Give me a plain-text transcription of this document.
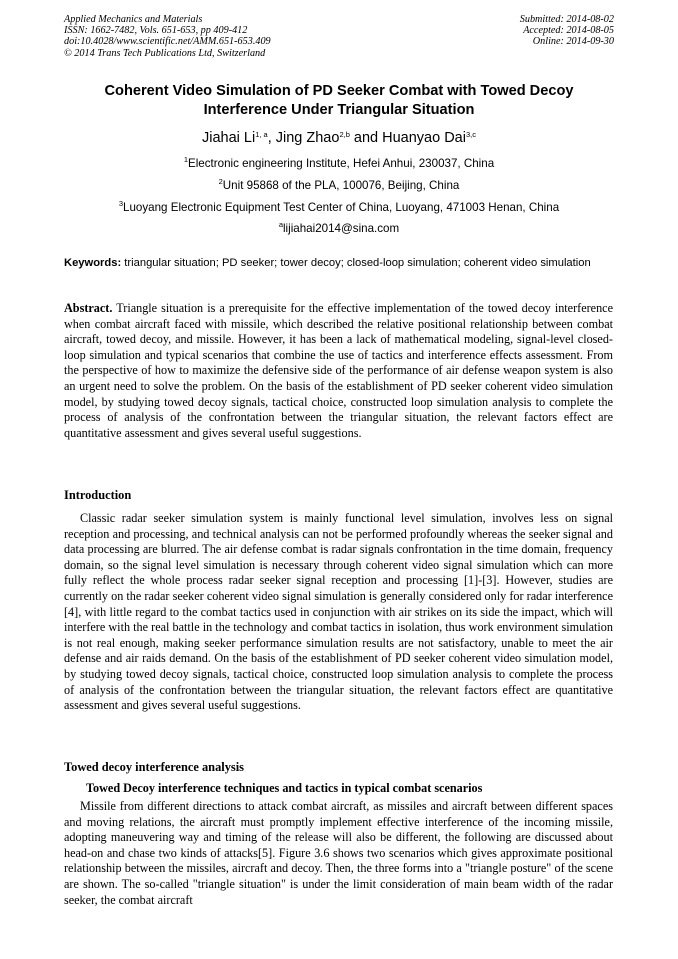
Applied Mechanics and Materials
ISSN: 1662-7482, Vols. 651-653, pp 409-412
doi:10.4028/www.scientific.net/AMM.651-653.409
© 2014 Trans Tech Publications Ltd, Switzerland
Submitted: 2014-08-02
Accepted: 2014-08-05
Online: 2014-09-30
Coherent Video Simulation of PD Seeker Combat with Towed Decoy
Interference Under Triangular Situation
Jiahai Li$^{1, a}$, Jing Zhao$^{2,b}$ and Huanyao Dai$^{3,c}$
$^1$Electronic engineering Institute, Hefei Anhui, 230037, China
$^2$Unit 95868 of the PLA, 100076, Beijing, China
$^3$Luoyang Electronic Equipment Test Center of China, Luoyang, 471003 Henan, China
$^a$lijiahai2014@sina.com
Keywords: triangular situation; PD seeker; tower decoy; closed-loop simulation; coherent video simulation
Abstract. Triangle situation is a prerequisite for the effective implementation of the towed decoy interference when combat aircraft faced with missile, which described the relative positional relationship between combat aircraft, towed decoy, and missile. However, it has been a lack of mathematical modeling, signal-level closed-loop simulation and typical scenarios that combine the use of tactics and interference effects assessment. From the perspective of how to maximize the defensive side of the performance of air defense weapon system is also an urgent need to solve the problem. On the basis of the establishment of PD seeker coherent video simulation model, by studying towed decoy signals, tactical choice, constructed loop simulation analysis to complete the process of analysis of the confrontation between the triangular situation, the relevant factors effect are quantitative assessment and gives several useful suggestions.
Introduction
Classic radar seeker simulation system is mainly functional level simulation, involves less on signal reception and processing, and technical analysis can not be performed profoundly whereas the seeker signal and data processing are blurred. The air defense combat is radar signals confrontation in the time domain, frequency domain, so the signal level simulation is necessary through coherent video signal simulation which can more fully reflect the whole process radar seeker signal reception and processing [1]-[3]. However, studies are currently on the radar seeker coherent video signal simulation is generally considered only for radar interference [4], with little regard to the combat tactics used in conjunction with air strikes on its side the impact, which will interfere with the real battle in the technology and combat tactics in isolation, thus work environment simulation is not real enough, making seeker performance simulation results are not satisfactory, unable to meet the air defense and air raids demand. On the basis of the establishment of PD seeker coherent video simulation model, by studying towed decoy signals, tactical choice, constructed loop simulation analysis to complete the process of analysis of the confrontation between the triangular situation, the relevant factors effect are quantitative assessment and gives several useful suggestions.
Towed decoy interference analysis
Towed Decoy interference techniques and tactics in typical combat scenarios
Missile from different directions to attack combat aircraft, as missiles and aircraft between different spaces and moving relations, the aircraft must promptly implement effective interference of the incoming missile, adopting maneuvering way and timing of the release will also be different, the following are discussed about head-on and chase two kinds of attacks[5]. Figure 3.6 shows two scenarios which gives approximate positional relationship between the missiles, aircraft and decoy. Then, the three forms into a "triangle posture" of the scene are shown. The so-called "triangle situation" is under the limit consideration of main beam width of the radar seeker, the combat aircraft
